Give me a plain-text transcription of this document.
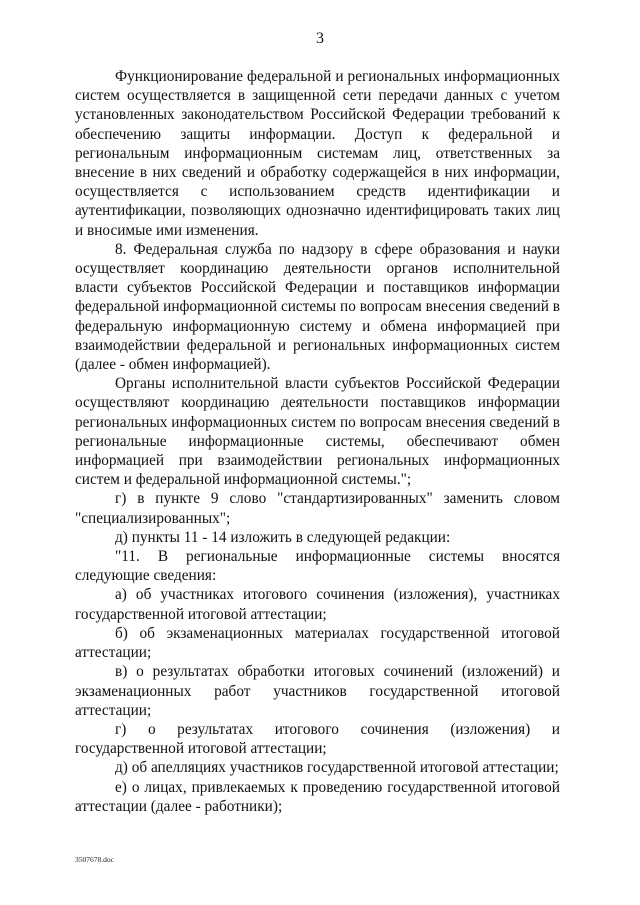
3

Функционирование федеральной и региональных информационных систем осуществляется в защищенной сети передачи данных с учетом установленных законодательством Российской Федерации требований к обеспечению защиты информации. Доступ к федеральной и региональным информационным системам лиц, ответственных за внесение в них сведений и обработку содержащейся в них информации, осуществляется с использованием средств идентификации и аутентификации, позволяющих однозначно идентифицировать таких лиц и вносимые ими изменения.

8. Федеральная служба по надзору в сфере образования и науки осуществляет координацию деятельности органов исполнительной власти субъектов Российской Федерации и поставщиков информации федеральной информационной системы по вопросам внесения сведений в федеральную информационную систему и обмена информацией при взаимодействии федеральной и региональных информационных систем (далее - обмен информацией).

Органы исполнительной власти субъектов Российской Федерации осуществляют координацию деятельности поставщиков информации региональных информационных систем по вопросам внесения сведений в региональные информационные системы, обеспечивают обмен информацией при взаимодействии региональных информационных систем и федеральной информационной системы.";

г) в пункте 9 слово "стандартизированных" заменить словом "специализированных";

д) пункты 11 - 14 изложить в следующей редакции:

"11. В региональные информационные системы вносятся следующие сведения:

а) об участниках итогового сочинения (изложения), участниках государственной итоговой аттестации;

б) об экзаменационных материалах государственной итоговой аттестации;

в) о результатах обработки итоговых сочинений (изложений) и экзаменационных работ участников государственной итоговой аттестации;

г) о результатах итогового сочинения (изложения) и государственной итоговой аттестации;

д) об апелляциях участников государственной итоговой аттестации;

е) о лицах, привлекаемых к проведению государственной итоговой аттестации (далее - работники);

3507678.doc
